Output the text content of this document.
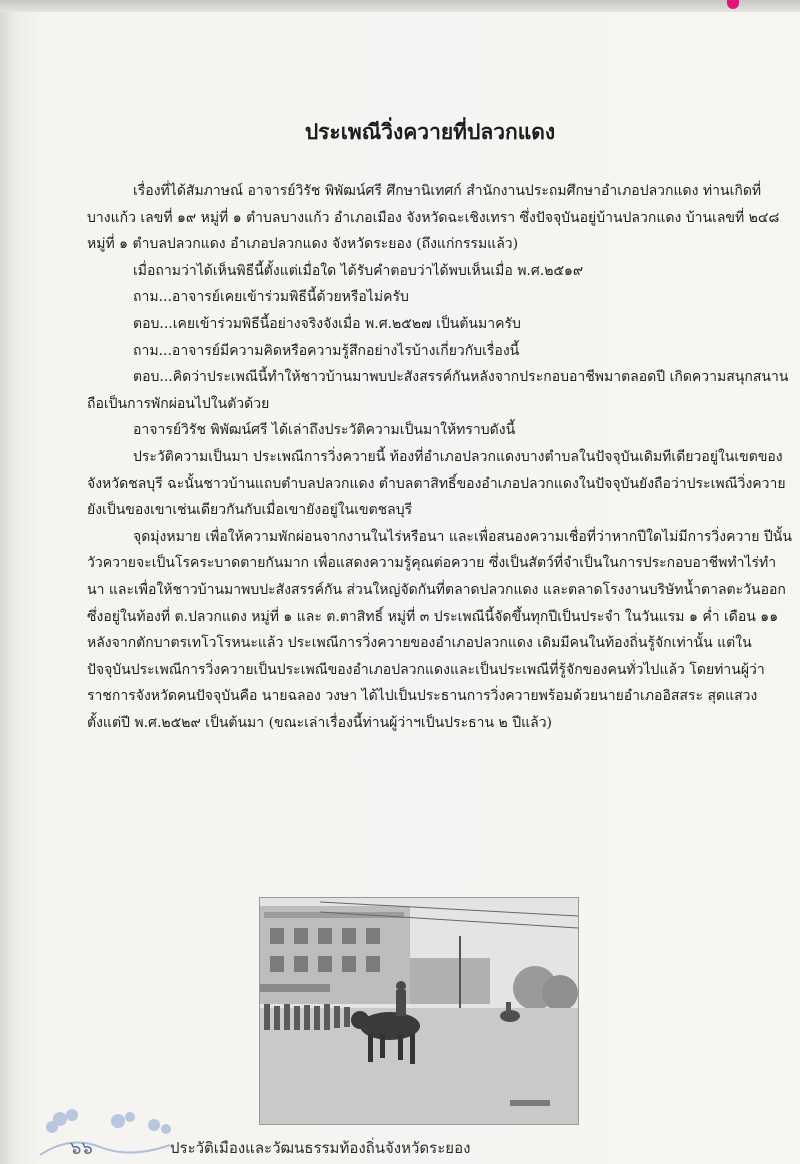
ประเพณีวิ่งควายที่ปลวกแดง

เรื่องที่ได้สัมภาษณ์ อาจารย์วิรัช พิพัฒน์ศรี ศึกษานิเทศก์ สำนักงานประถมศึกษาอำเภอปลวกแดง ท่านเกิดที่บางแก้ว เลขที่ ๑๙ หมู่ที่ ๑ ตำบลบางแก้ว อำเภอเมือง จังหวัดฉะเชิงเทรา ซึ่งปัจจุบันอยู่บ้านปลวกแดง บ้านเลขที่ ๒๔๘ หมู่ที่ ๑ ตำบลปลวกแดง อำเภอปลวกแดง จังหวัดระยอง (ถึงแก่กรรมแล้ว)

เมื่อถามว่าได้เห็นพิธีนี้ตั้งแต่เมื่อใด ได้รับคำตอบว่าได้พบเห็นเมื่อ พ.ศ.๒๕๑๙

ถาม...อาจารย์เคยเข้าร่วมพิธีนี้ด้วยหรือไม่ครับ

ตอบ...เคยเข้าร่วมพิธีนี้อย่างจริงจังเมื่อ พ.ศ.๒๕๒๗ เป็นต้นมาครับ

ถาม...อาจารย์มีความคิดหรือความรู้สึกอย่างไรบ้างเกี่ยวกับเรื่องนี้

ตอบ...คิดว่าประเพณีนี้ทำให้ชาวบ้านมาพบปะสังสรรค์กันหลังจากประกอบอาชีพมาตลอดปี เกิดความสนุกสนานถือเป็นการพักผ่อนไปในตัวด้วย

อาจารย์วิรัช พิพัฒน์ศรี ได้เล่าถึงประวัติความเป็นมาให้ทราบดังนี้

ประวัติความเป็นมา ประเพณีการวิ่งควายนี้ ท้องที่อำเภอปลวกแดงบางตำบลในปัจจุบันเดิมทีเดียวอยู่ในเขตของจังหวัดชลบุรี ฉะนั้นชาวบ้านแถบตำบลปลวกแดง ตำบลตาสิทธิ์ของอำเภอปลวกแดงในปัจจุบันยังถือว่าประเพณีวิ่งควายยังเป็นของเขาเช่นเดียวกันกับเมื่อเขายังอยู่ในเขตชลบุรี

จุดมุ่งหมาย เพื่อให้ความพักผ่อนจากงานในไร่หรือนา และเพื่อสนองความเชื่อที่ว่าหากปีใดไม่มีการวิ่งควาย ปีนั้นวัวควายจะเป็นโรคระบาดตายกันมาก เพื่อแสดงความรู้คุณต่อควาย ซึ่งเป็นสัตว์ที่จำเป็นในการประกอบอาชีพทำไร่ทำนา และเพื่อให้ชาวบ้านมาพบปะสังสรรค์กัน ส่วนใหญ่จัดกันที่ตลาดปลวกแดง และตลาดโรงงานบริษัทน้ำตาลตะวันออก ซึ่งอยู่ในท้องที่ ต.ปลวกแดง หมู่ที่ ๑ และ ต.ตาสิทธิ์ หมู่ที่ ๓ ประเพณีนี้จัดขึ้นทุกปีเป็นประจำ ในวันแรม ๑ ค่ำ เดือน ๑๑ หลังจากตักบาตรเทโวโรหนะแล้ว ประเพณีการวิ่งควายของอำเภอปลวกแดง เดิมมีคนในท้องถิ่นรู้จักเท่านั้น แต่ในปัจจุบันประเพณีการวิ่งควายเป็นประเพณีของอำเภอปลวกแดงและเป็นประเพณีที่รู้จักของคนทั่วไปแล้ว โดยท่านผู้ว่าราชการจังหวัดคนปัจจุบันคือ นายฉลอง วงษา ได้ไปเป็นประธานการวิ่งควายพร้อมด้วยนายอำเภออิสสระ สุดแสวง ตั้งแต่ปี พ.ศ.๒๕๒๙ เป็นต้นมา (ขณะเล่าเรื่องนี้ท่านผู้ว่าฯเป็นประธาน ๒ ปีแล้ว)

๖๖	ประวัติเมืองและวัฒนธรรมท้องถิ่นจังหวัดระยอง
